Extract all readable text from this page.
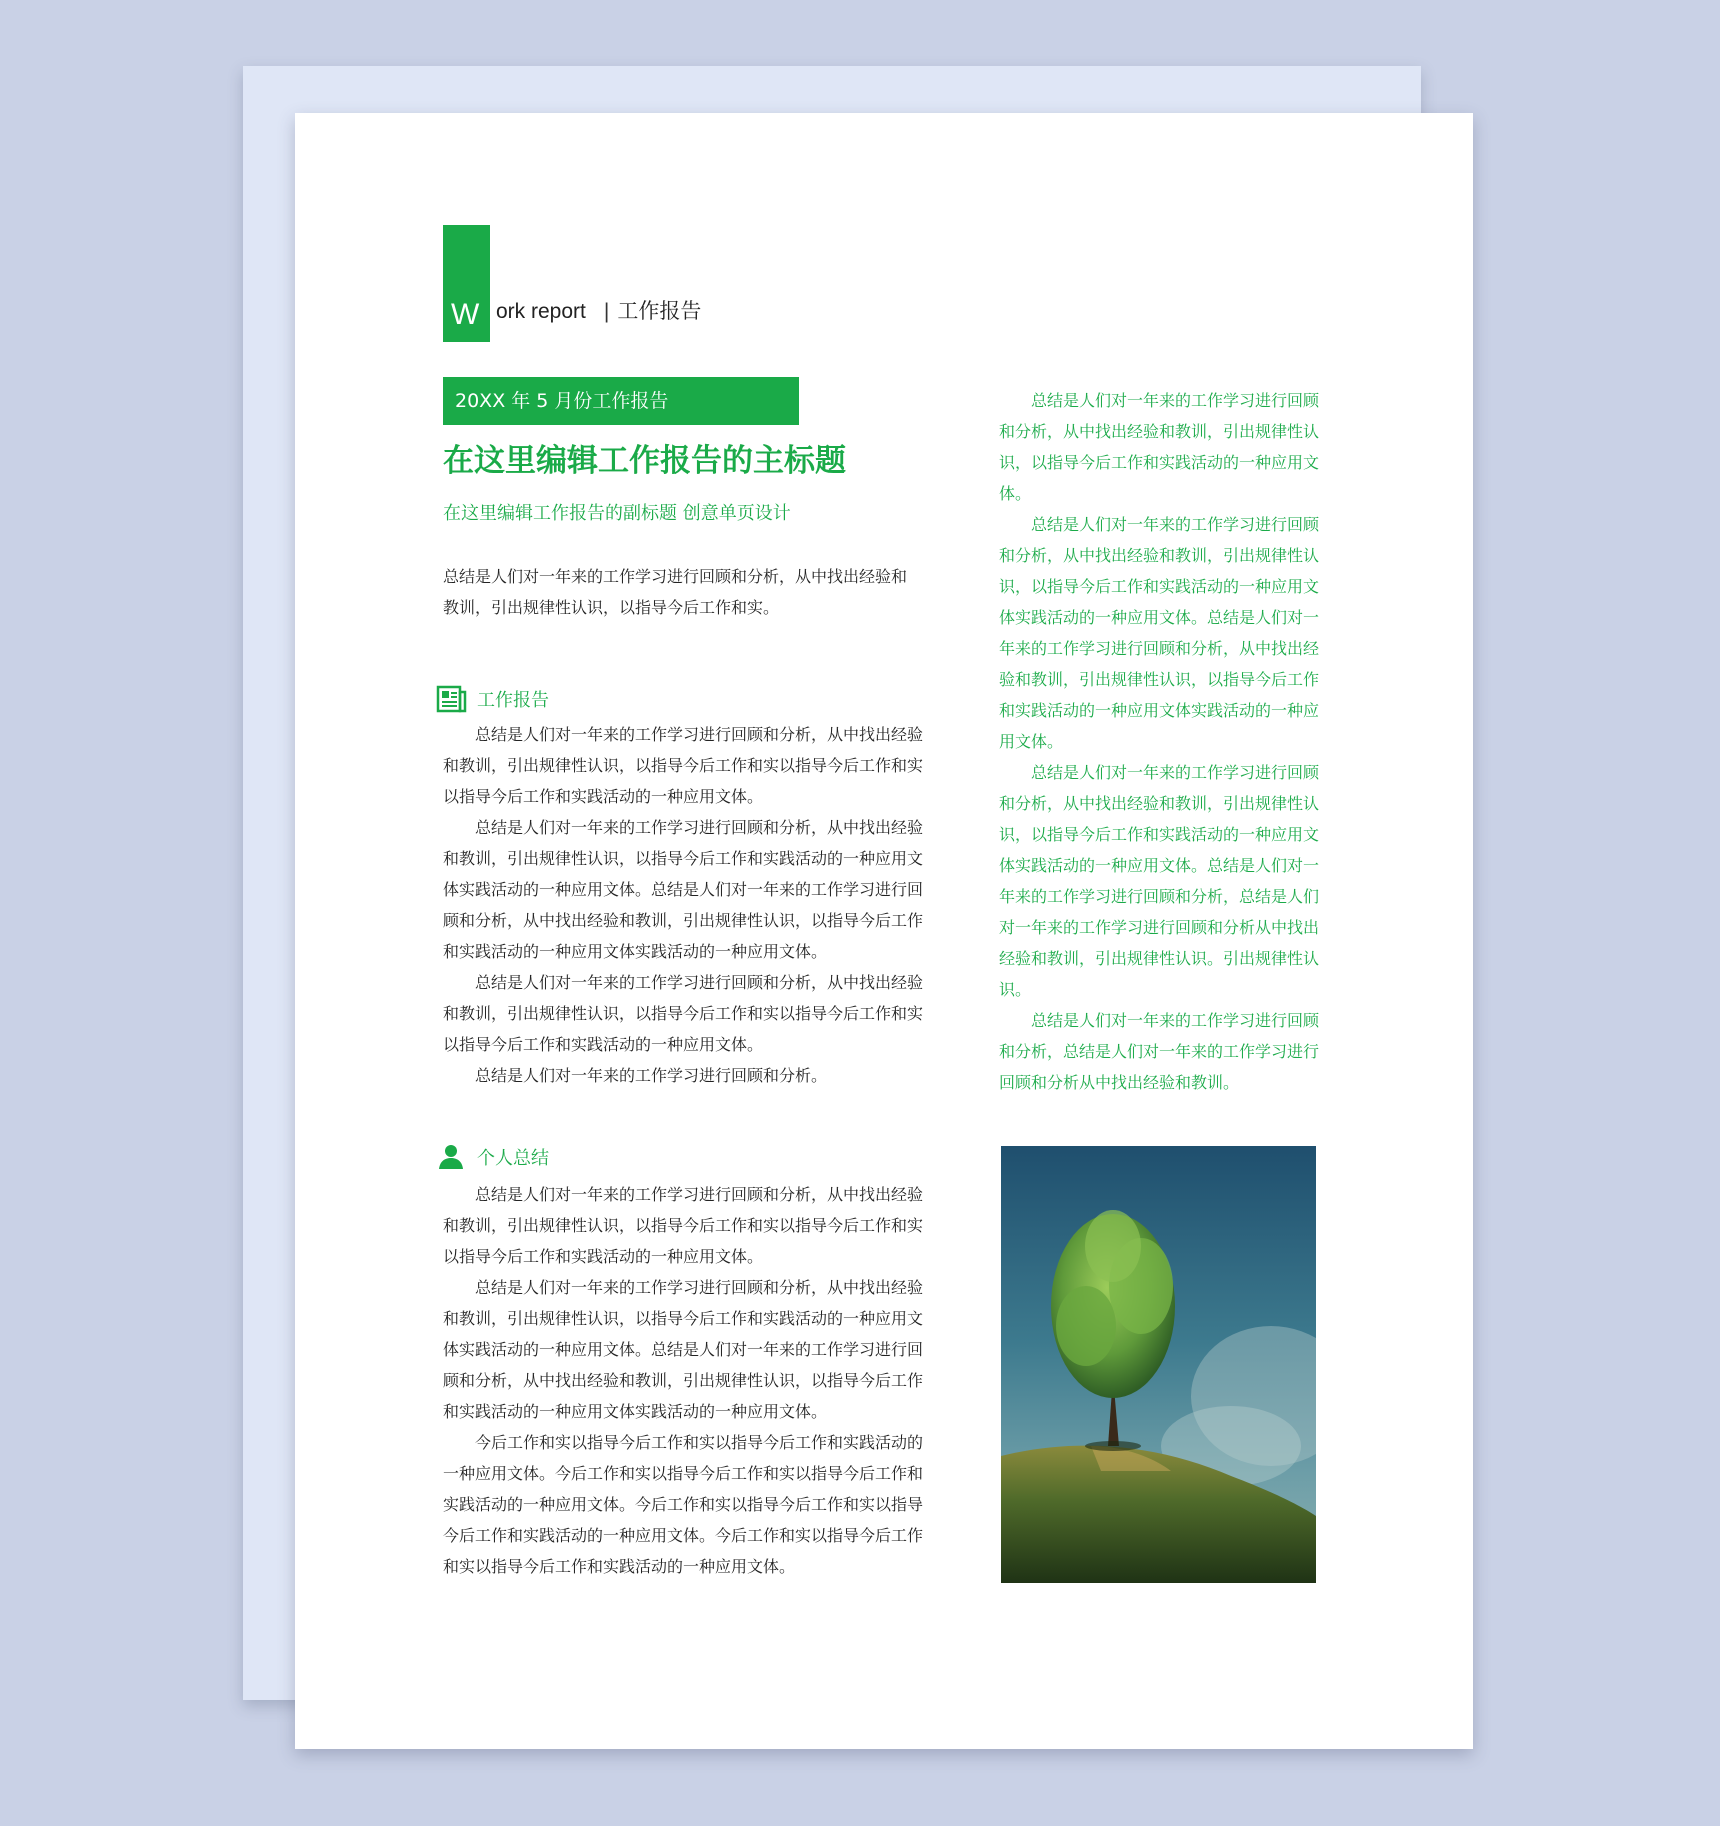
W ork report | 工作报告
20XX 年 5 月份工作报告
在这里编辑工作报告的主标题
在这里编辑工作报告的副标题 创意单页设计
总结是人们对一年来的工作学习进行回顾和分析，从中找出经验和教训，引出规律性认识，以指导今后工作和实。
工作报告

总结是人们对一年来的工作学习进行回顾和分析，从中找出经验和教训，引出规律性认识，以指导今后工作和实以指导今后工作和实以指导今后工作和实践活动的一种应用文体。

总结是人们对一年来的工作学习进行回顾和分析，从中找出经验和教训，引出规律性认识，以指导今后工作和实践活动的一种应用文体实践活动的一种应用文体。总结是人们对一年来的工作学习进行回顾和分析，从中找出经验和教训，引出规律性认识，以指导今后工作和实践活动的一种应用文体实践活动的一种应用文体。

总结是人们对一年来的工作学习进行回顾和分析，从中找出经验和教训，引出规律性认识，以指导今后工作和实以指导今后工作和实以指导今后工作和实践活动的一种应用文体。

总结是人们对一年来的工作学习进行回顾和分析。

个人总结

总结是人们对一年来的工作学习进行回顾和分析，从中找出经验和教训，引出规律性认识，以指导今后工作和实以指导今后工作和实以指导今后工作和实践活动的一种应用文体。

总结是人们对一年来的工作学习进行回顾和分析，从中找出经验和教训，引出规律性认识，以指导今后工作和实践活动的一种应用文体实践活动的一种应用文体。总结是人们对一年来的工作学习进行回顾和分析，从中找出经验和教训，引出规律性认识，以指导今后工作和实践活动的一种应用文体实践活动的一种应用文体。

今后工作和实以指导今后工作和实以指导今后工作和实践活动的一种应用文体。今后工作和实以指导今后工作和实以指导今后工作和实践活动的一种应用文体。今后工作和实以指导今后工作和实以指导今后工作和实践活动的一种应用文体。今后工作和实以指导今后工作和实以指导今后工作和实践活动的一种应用文体。

总结是人们对一年来的工作学习进行回顾和分析，从中找出经验和教训，引出规律性认识，以指导今后工作和实践活动的一种应用文体。

总结是人们对一年来的工作学习进行回顾和分析，从中找出经验和教训，引出规律性认识，以指导今后工作和实践活动的一种应用文体实践活动的一种应用文体。总结是人们对一年来的工作学习进行回顾和分析，从中找出经验和教训，引出规律性认识，以指导今后工作和实践活动的一种应用文体实践活动的一种应用文体。

总结是人们对一年来的工作学习进行回顾和分析，从中找出经验和教训，引出规律性认识，以指导今后工作和实践活动的一种应用文体实践活动的一种应用文体。总结是人们对一年来的工作学习进行回顾和分析，总结是人们对一年来的工作学习进行回顾和分析从中找出经验和教训，引出规律性认识。引出规律性认识。

总结是人们对一年来的工作学习进行回顾和分析，总结是人们对一年来的工作学习进行回顾和分析从中找出经验和教训。
